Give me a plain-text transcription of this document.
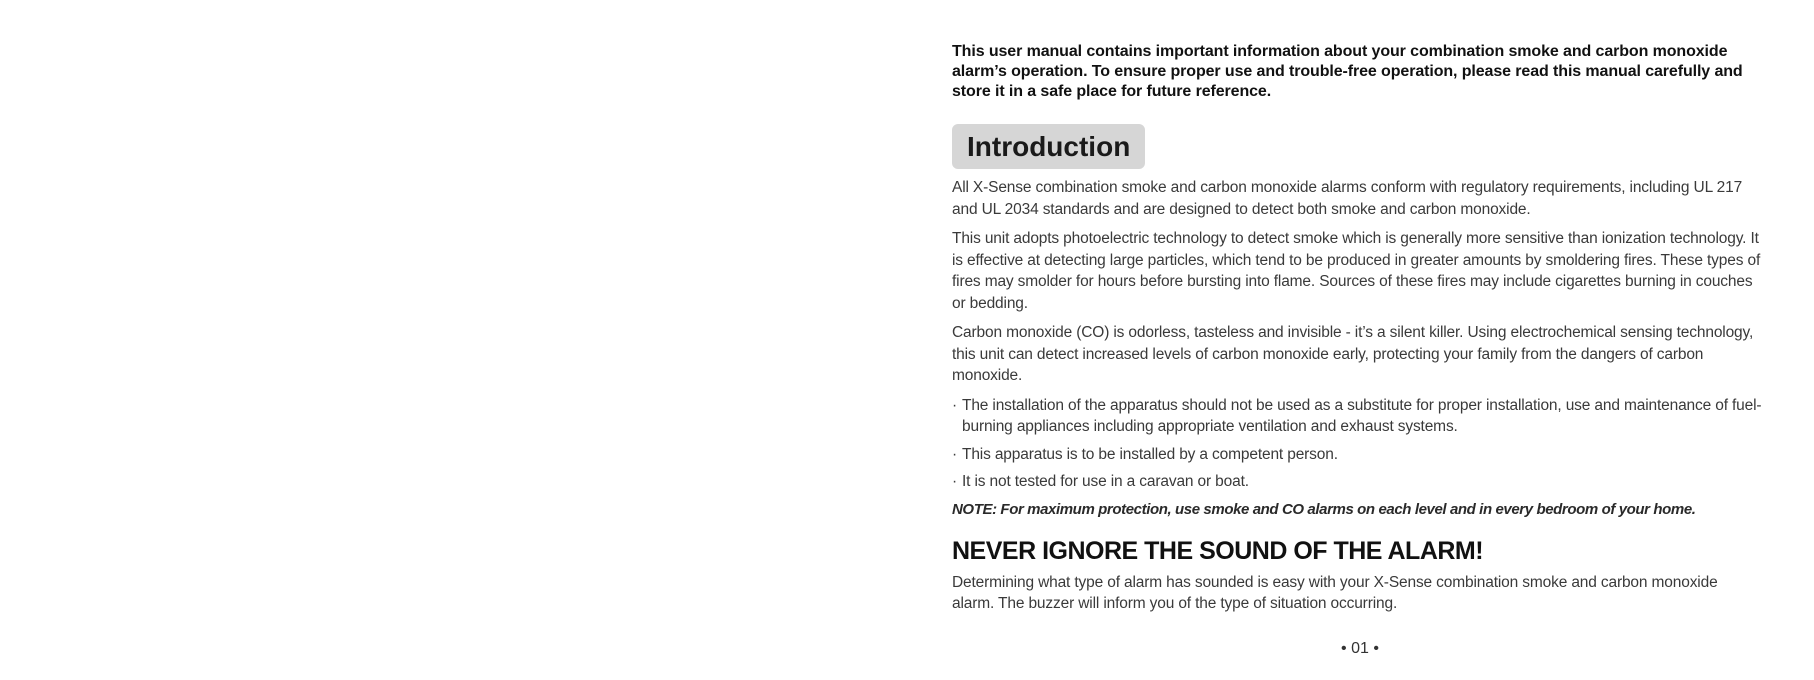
This user manual contains important information about your combination smoke and carbon monoxide alarm’s operation. To ensure proper use and trouble-free operation, please read this manual carefully and store it in a safe place for future reference.

Introduction

All X-Sense combination smoke and carbon monoxide alarms conform with regulatory requirements, including UL 217 and UL 2034 standards and are designed to detect both smoke and carbon monoxide.

This unit adopts photoelectric technology to detect smoke which is generally more sensitive than ionization technology. It is effective at detecting large particles, which tend to be produced in greater amounts by smoldering fires. These types of fires may smolder for hours before bursting into flame. Sources of these fires may include cigarettes burning in couches or bedding.

Carbon monoxide (CO) is odorless, tasteless and invisible - it’s a silent killer. Using electrochemical sensing technology, this unit can detect increased levels of carbon monoxide early, protecting your family from the dangers of carbon monoxide.

· The installation of the apparatus should not be used as a substitute for proper installation, use and maintenance of fuel-burning appliances including appropriate ventilation and exhaust systems.
· This apparatus is to be installed by a competent person.
· It is not tested for use in a caravan or boat.

NOTE: For maximum protection, use smoke and CO alarms on each level and in every bedroom of your home.

NEVER IGNORE THE SOUND OF THE ALARM!

Determining what type of alarm has sounded is easy with your X-Sense combination smoke and carbon monoxide alarm. The buzzer will inform you of the type of situation occurring.

• 01 •
